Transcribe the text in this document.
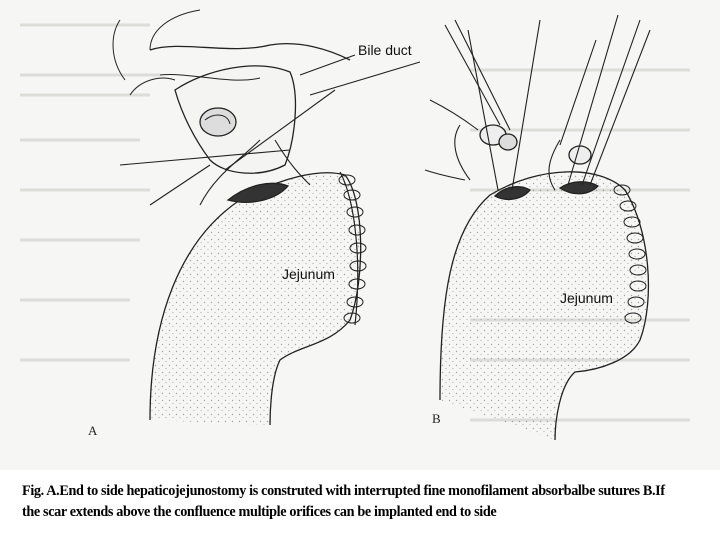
Bile duct
Jejunum
Jejunum
A
B
Fig. A.End to side hepaticojejunostomy is construted with interrupted fine monofilament absorbalbe sutures B.If
the scar extends above the confluence multiple orifices can be implanted end to side
